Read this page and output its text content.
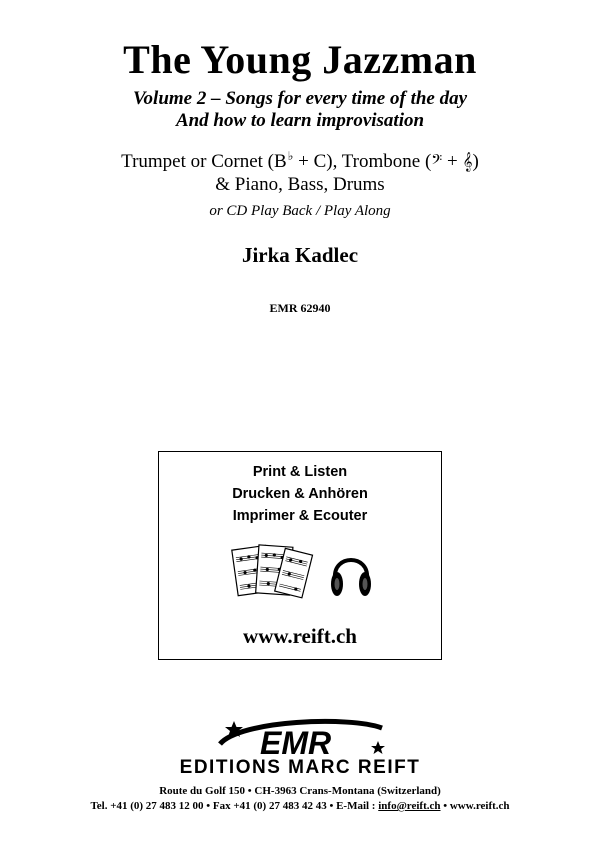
The Young Jazzman
Volume 2 – Songs for every time of the day
And how to learn improvisation
Trumpet or Cornet (B♭ + C), Trombone (𝄢 + 𝄞)
& Piano, Bass, Drums
or CD Play Back / Play Along
Jirka Kadlec
EMR 62940
Print & Listen
Drucken & Anhören
Imprimer & Ecouter
www.reift.ch
EMR
EDITIONS MARC REIFT
Route du Golf 150 • CH-3963 Crans-Montana (Switzerland)
Tel. +41 (0) 27 483 12 00 • Fax +41 (0) 27 483 42 43 • E-Mail : info@reift.ch • www.reift.ch
